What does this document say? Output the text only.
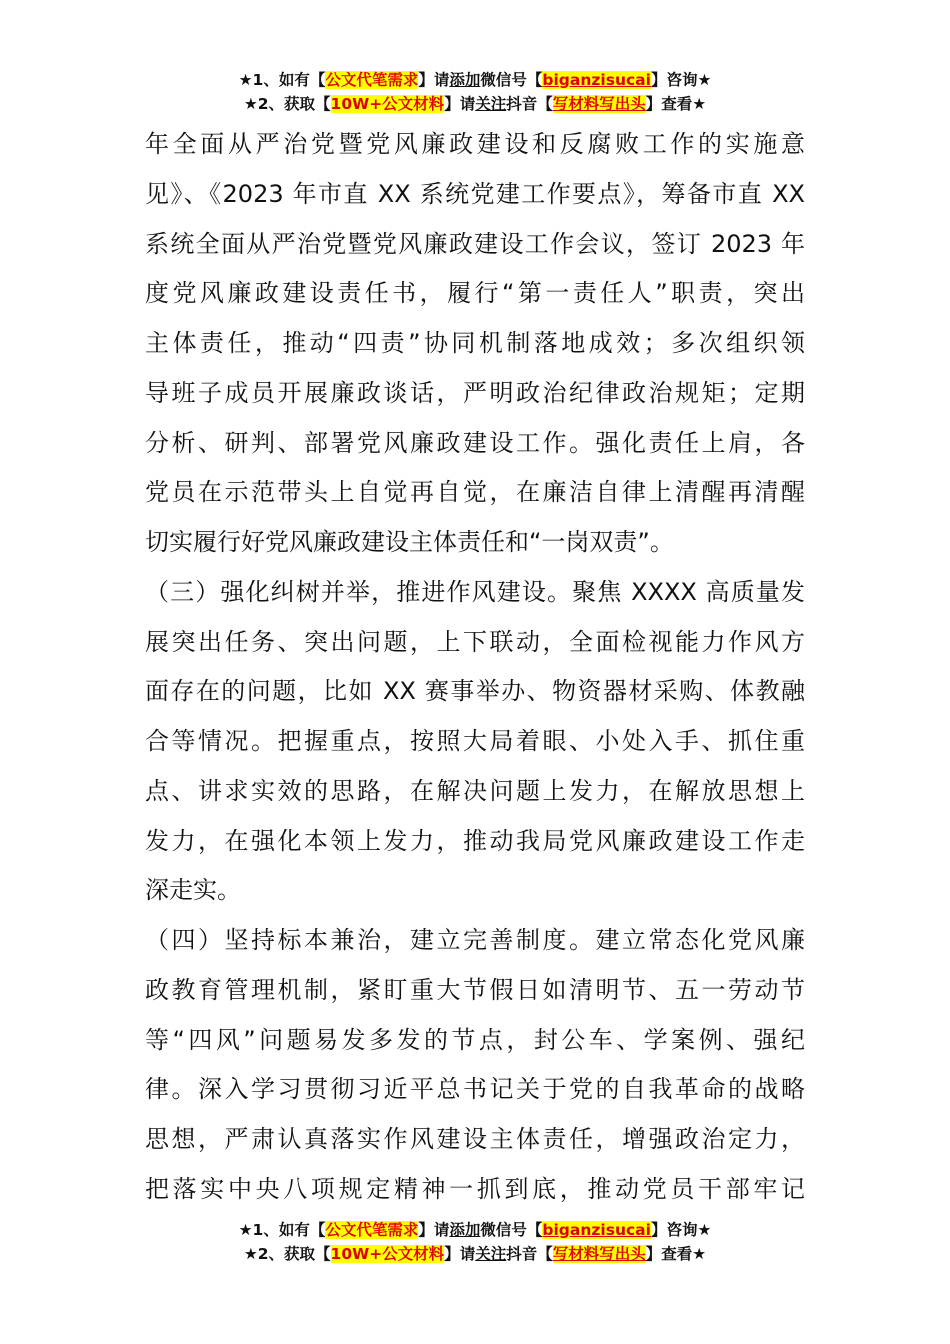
★1、如有【公文代笔需求】请添加微信号【biganzisucai】咨询★
★2、获取【10W+公文材料】请关注抖音【写材料写出头】查看★
年全面从严治党暨党风廉政建设和反腐败工作的实施意
见》、《2023 年市直 XX 系统党建工作要点》，筹备市直 XX
系统全面从严治党暨党风廉政建设工作会议，签订 2023 年
度党风廉政建设责任书，履行“第一责任人”职责，突出
主体责任，推动“四责”协同机制落地成效；多次组织领
导班子成员开展廉政谈话，严明政治纪律政治规矩；定期
分析、研判、部署党风廉政建设工作。强化责任上肩，各
党员在示范带头上自觉再自觉，在廉洁自律上清醒再清醒
切实履行好党风廉政建设主体责任和“一岗双责”。
（三）强化纠树并举，推进作风建设。聚焦 XXXX 高质量发
展突出任务、突出问题，上下联动，全面检视能力作风方
面存在的问题，比如 XX 赛事举办、物资器材采购、体教融
合等情况。把握重点，按照大局着眼、小处入手、抓住重
点、讲求实效的思路，在解决问题上发力，在解放思想上
发力，在强化本领上发力，推动我局党风廉政建设工作走
深走实。
（四）坚持标本兼治，建立完善制度。建立常态化党风廉
政教育管理机制，紧盯重大节假日如清明节、五一劳动节
等“四风”问题易发多发的节点，封公车、学案例、强纪
律。深入学习贯彻习近平总书记关于党的自我革命的战略
思想，严肃认真落实作风建设主体责任，增强政治定力，
把落实中央八项规定精神一抓到底，推动党员干部牢记
★1、如有【公文代笔需求】请添加微信号【biganzisucai】咨询★
★2、获取【10W+公文材料】请关注抖音【写材料写出头】查看★
